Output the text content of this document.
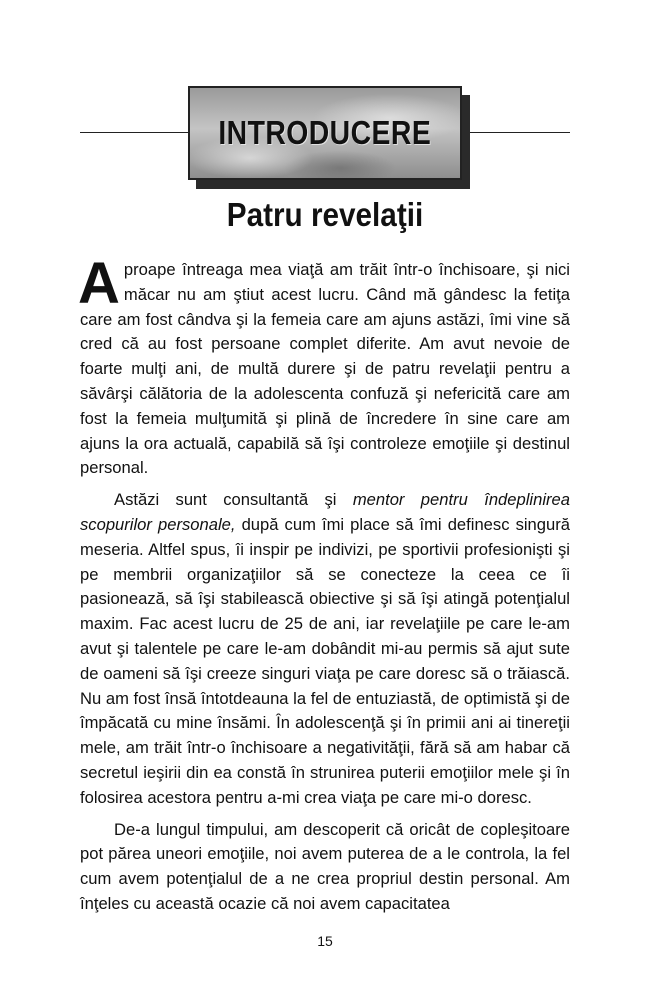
INTRODUCERE
Patru revelaţii

Aproape întreaga mea viaţă am trăit într-o închisoare, şi nici măcar nu am ştiut acest lucru. Când mă gândesc la fetiţa care am fost cândva şi la femeia care am ajuns astăzi, îmi vine să cred că au fost persoane complet diferite. Am avut nevoie de foarte mulţi ani, de multă durere şi de patru revelaţii pentru a săvârşi călătoria de la adolescenta confuză şi nefericită care am fost la femeia mulţumită şi plină de încredere în sine care am ajuns la ora actuală, capabilă să îşi controleze emoţiile şi destinul personal.

Astăzi sunt consultantă şi mentor pentru îndeplinirea scopurilor personale, după cum îmi place să îmi definesc singură meseria. Altfel spus, îi inspir pe indivizi, pe sportivii profesionişti şi pe membrii organizaţiilor să se conecteze la ceea ce îi pasionează, să îşi stabilească obiective şi să îşi atingă potenţialul maxim. Fac acest lucru de 25 de ani, iar revelaţiile pe care le-am avut şi talentele pe care le-am dobândit mi-au permis să ajut sute de oameni să îşi creeze singuri viaţa pe care doresc să o trăiască. Nu am fost însă întotdeauna la fel de entuziastă, de optimistă şi de împăcată cu mine însămi. În adolescenţă şi în primii ani ai tinereţii mele, am trăit într-o închisoare a negativităţii, fără să am habar că secretul ieşirii din ea constă în strunirea puterii emoţiilor mele şi în folosirea acestora pentru a-mi crea viaţa pe care mi-o doresc.

De-a lungul timpului, am descoperit că oricât de copleşitoare pot părea uneori emoţiile, noi avem puterea de a le controla, la fel cum avem potenţialul de a ne crea propriul destin personal. Am înţeles cu această ocazie că noi avem capacitatea

15
